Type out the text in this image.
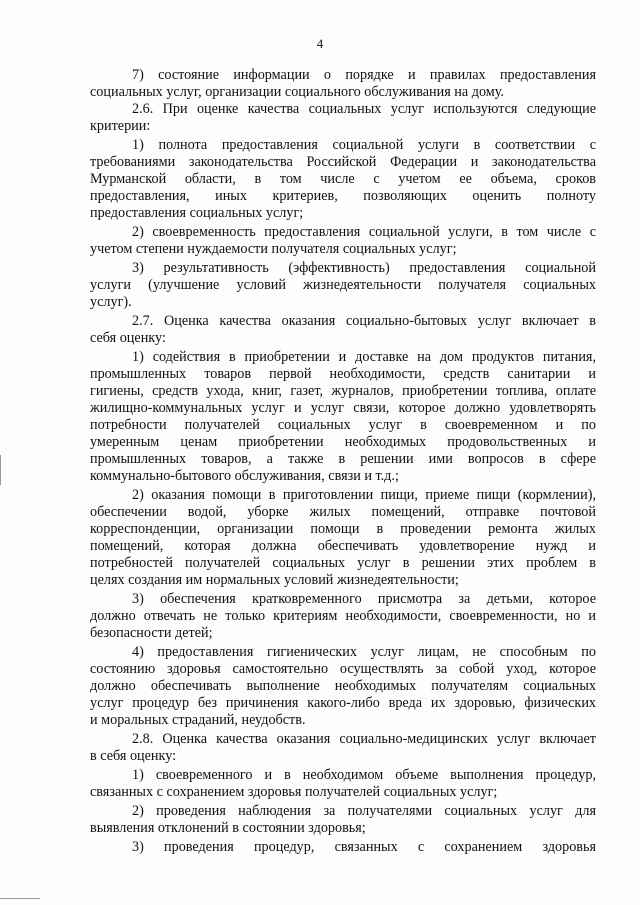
4
7) состояние информации о порядке и правилах предоставления
социальных услуг, организации социального обслуживания на дому.
2.6. При оценке качества социальных услуг используются следующие
критерии:
1) полнота предоставления социальной услуги в соответствии с
требованиями законодательства Российской Федерации и законодательства
Мурманской области, в том числе с учетом ее объема, сроков
предоставления, иных критериев, позволяющих оценить полноту
предоставления социальных услуг;
2) своевременность предоставления социальной услуги, в том числе с
учетом степени нуждаемости получателя социальных услуг;
3) результативность (эффективность) предоставления социальной
услуги (улучшение условий жизнедеятельности получателя социальных
услуг).
2.7. Оценка качества оказания социально-бытовых услуг включает в
себя оценку:
1) содействия в приобретении и доставке на дом продуктов питания,
промышленных товаров первой необходимости, средств санитарии и
гигиены, средств ухода, книг, газет, журналов, приобретении топлива, оплате
жилищно-коммунальных услуг и услуг связи, которое должно удовлетворять
потребности получателей социальных услуг в своевременном и по
умеренным ценам приобретении необходимых продовольственных и
промышленных товаров, а также в решении ими вопросов в сфере
коммунально-бытового обслуживания, связи и т.д.;
2) оказания помощи в приготовлении пищи, приеме пищи (кормлении),
обеспечении водой, уборке жилых помещений, отправке почтовой
корреспонденции, организации помощи в проведении ремонта жилых
помещений, которая должна обеспечивать удовлетворение нужд и
потребностей получателей социальных услуг в решении этих проблем в
целях создания им нормальных условий жизнедеятельности;
3) обеспечения кратковременного присмотра за детьми, которое
должно отвечать не только критериям необходимости, своевременности, но и
безопасности детей;
4) предоставления гигиенических услуг лицам, не способным по
состоянию здоровья самостоятельно осуществлять за собой уход, которое
должно обеспечивать выполнение необходимых получателям социальных
услуг процедур без причинения какого-либо вреда их здоровью, физических
и моральных страданий, неудобств.
2.8. Оценка качества оказания социально-медицинских услуг включает
в себя оценку:
1) своевременного и в необходимом объеме выполнения процедур,
связанных с сохранением здоровья получателей социальных услуг;
2) проведения наблюдения за получателями социальных услуг для
выявления отклонений в состоянии здоровья;
3) проведения процедур, связанных с сохранением здоровья
